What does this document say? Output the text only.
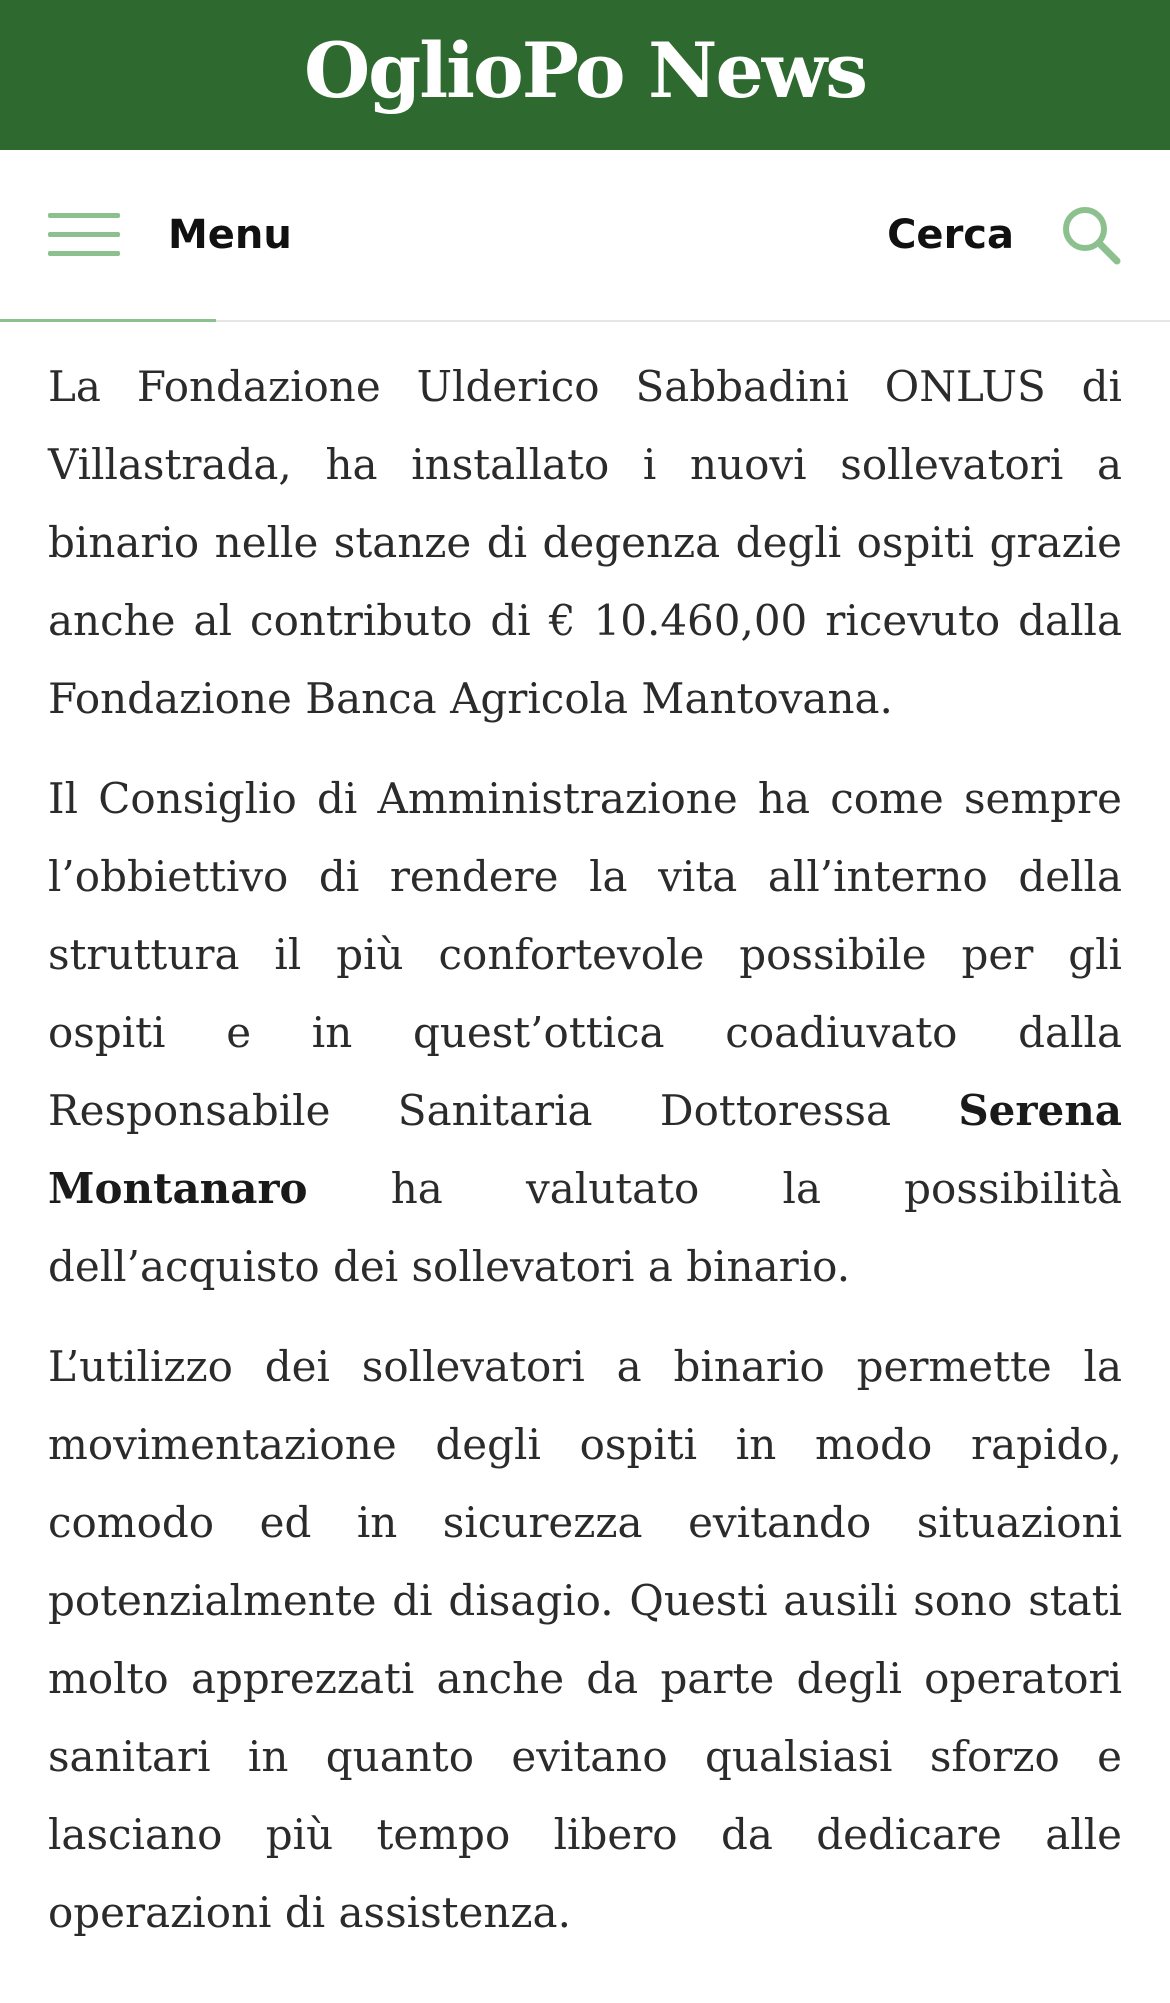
OglioPo News
Menu	Cerca

La Fondazione Ulderico Sabbadini ONLUS di Villastrada, ha installato i nuovi sollevatori a binario nelle stanze di degenza degli ospiti grazie anche al contributo di € 10.460,00 ricevuto dalla Fondazione Banca Agricola Mantovana.

Il Consiglio di Amministrazione ha come sempre l’obbiettivo di rendere la vita all’interno della struttura il più confortevole possibile per gli ospiti e in quest’ottica coadiuvato dalla Responsabile Sanitaria Dottoressa Serena Montanaro ha valutato la possibilità dell’acquisto dei sollevatori a binario.

L’utilizzo dei sollevatori a binario permette la movimentazione degli ospiti in modo rapido, comodo ed in sicurezza evitando situazioni potenzialmente di disagio. Questi ausili sono stati molto apprezzati anche da parte degli operatori sanitari in quanto evitano qualsiasi sforzo e lasciano più tempo libero da dedicare alle operazioni di assistenza.
